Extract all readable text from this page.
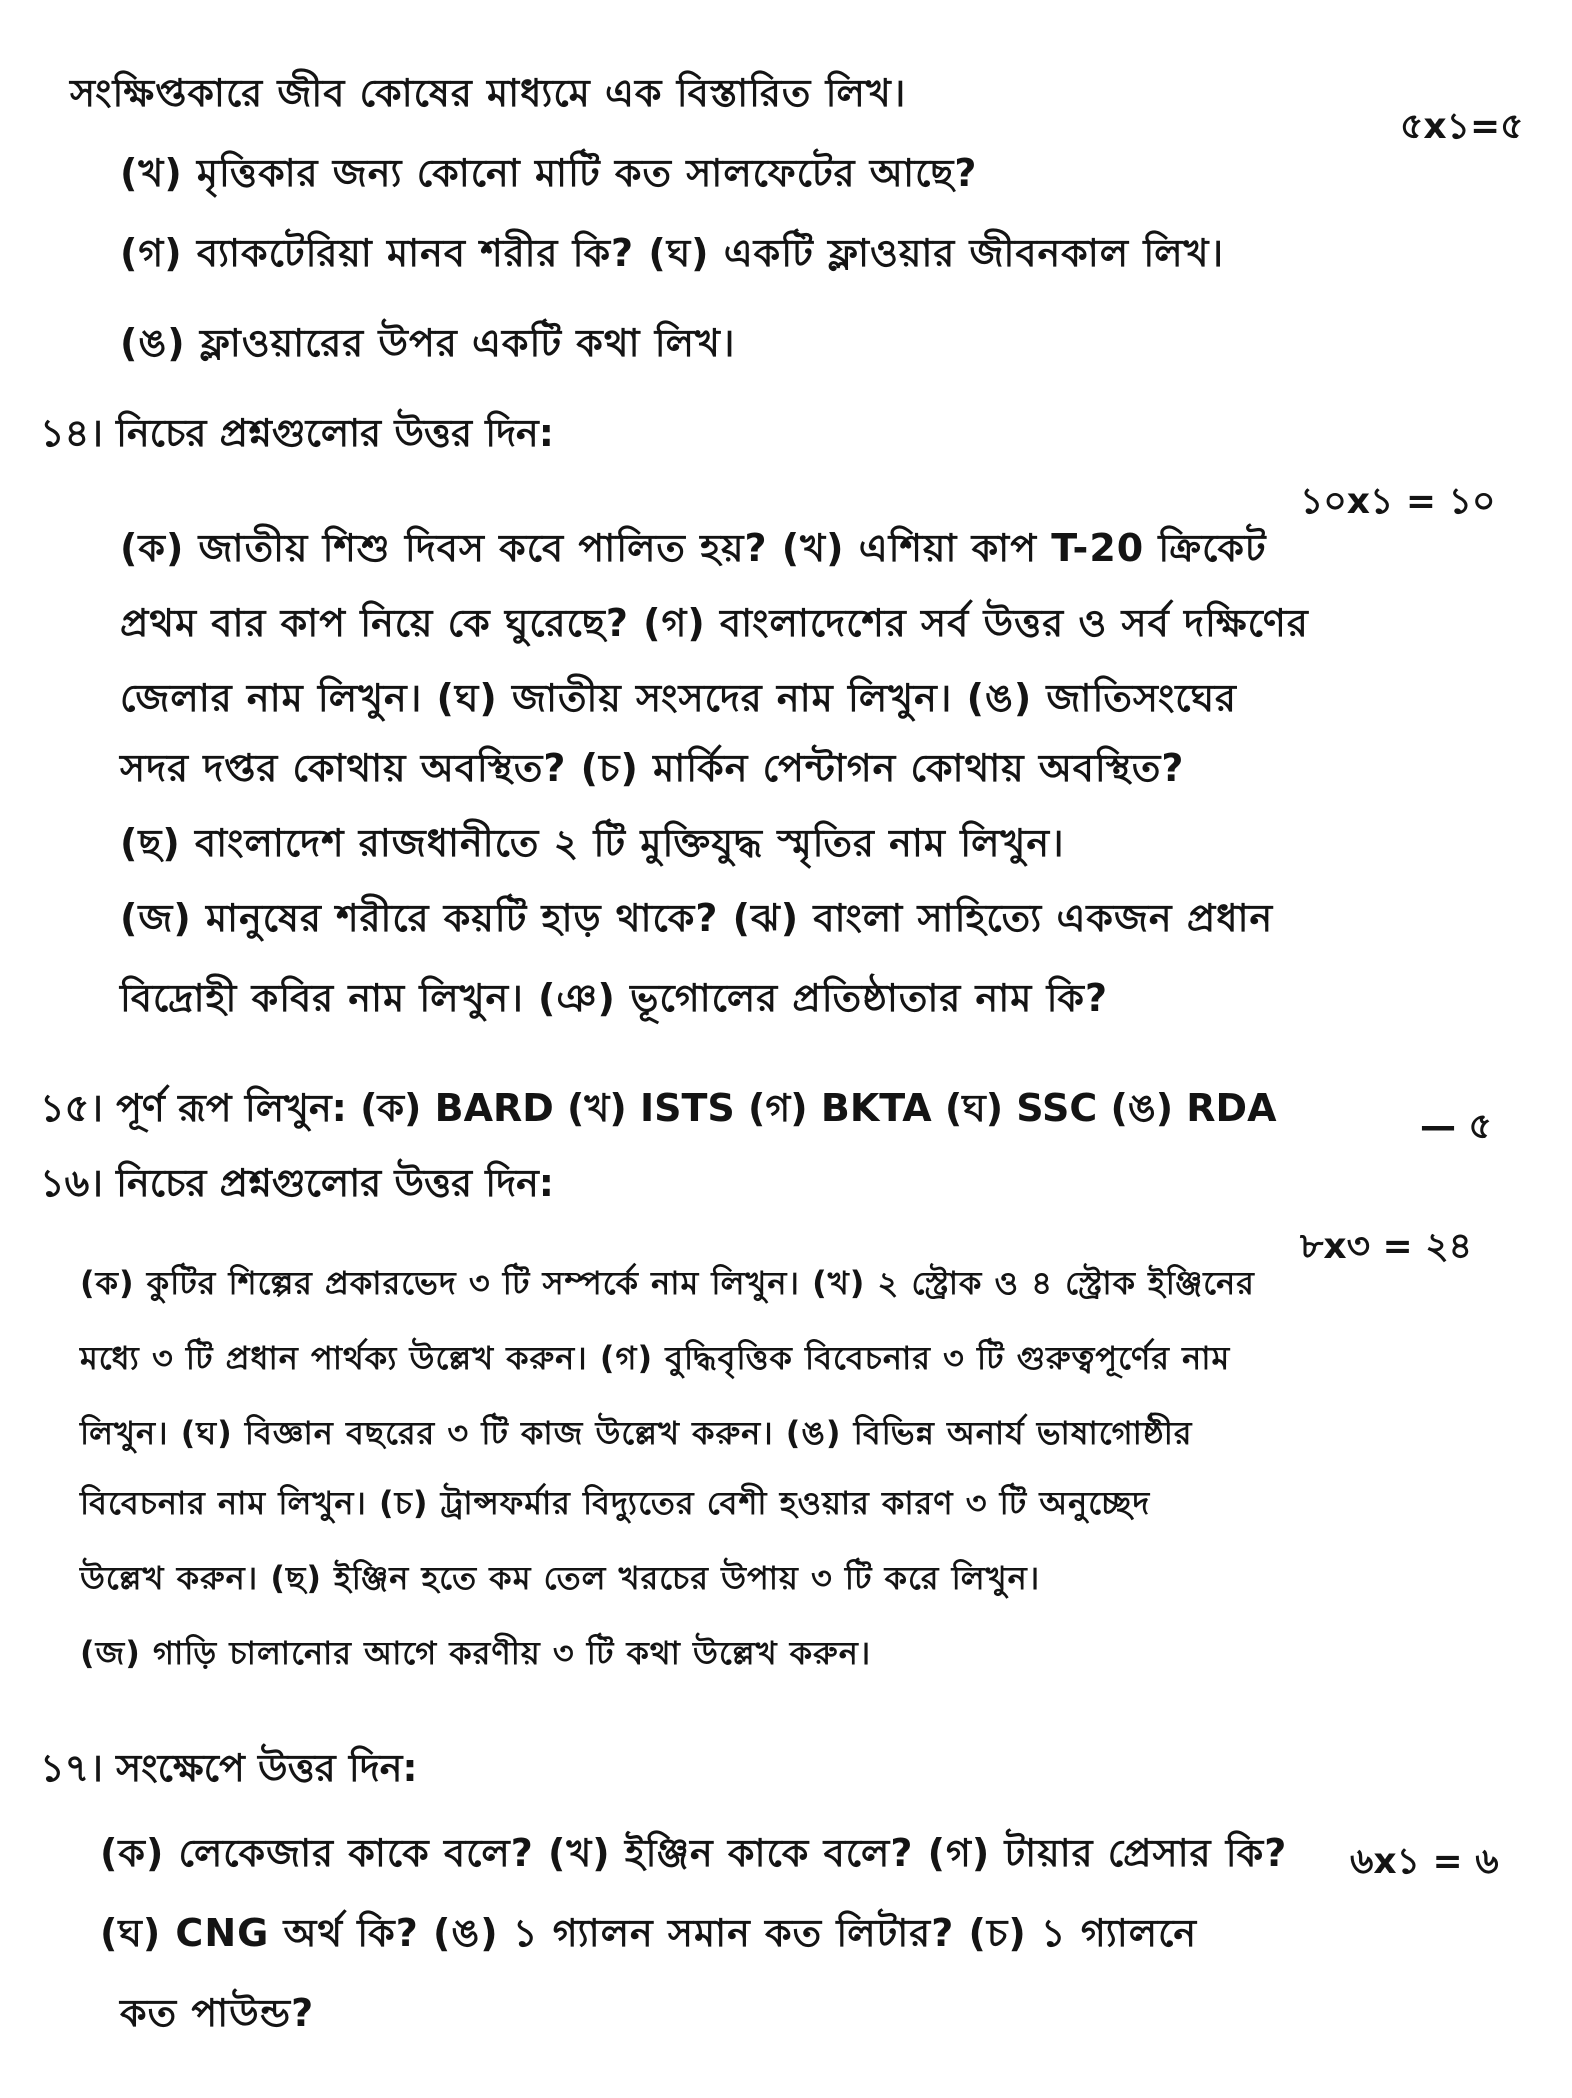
সংক্ষিপ্তকারে জীব কোষের মাধ্যমে এক বিস্তারিত লিখ।
৫x১=৫
(খ) মৃত্তিকার জন্য কোনো মাটি কত সালফেটের আছে?
(গ) ব্যাকটেরিয়া মানব শরীর কি? (ঘ) একটি ফ্লাওয়ার জীবনকাল লিখ।
(ঙ) ফ্লাওয়ারের উপর একটি কথা লিখ।
১৪। নিচের প্রশ্নগুলোর উত্তর দিন:
১০x১ = ১০
(ক) জাতীয় শিশু দিবস কবে পালিত হয়? (খ) এশিয়া কাপ T-20 ক্রিকেট
প্রথম বার কাপ নিয়ে কে ঘুরেছে? (গ) বাংলাদেশের সর্ব উত্তর ও সর্ব দক্ষিণের
জেলার নাম লিখুন। (ঘ) জাতীয় সংসদের নাম লিখুন। (ঙ) জাতিসংঘের
সদর দপ্তর কোথায় অবস্থিত? (চ) মার্কিন পেন্টাগন কোথায় অবস্থিত?
(ছ) বাংলাদেশ রাজধানীতে ২ টি মুক্তিযুদ্ধ স্মৃতির নাম লিখুন।
(জ) মানুষের শরীরে কয়টি হাড় থাকে? (ঝ) বাংলা সাহিত্যে একজন প্রধান
বিদ্রোহী কবির নাম লিখুন। (ঞ) ভূগোলের প্রতিষ্ঠাতার নাম কি?
১৫। পূর্ণ রূপ লিখুন: (ক) BARD (খ) ISTS (গ) BKTA (ঘ) SSC (ঙ) RDA	— ৫
১৬। নিচের প্রশ্নগুলোর উত্তর দিন:
৮x৩ = ২৪
(ক) কুটির শিল্পের প্রকারভেদ ৩ টি সম্পর্কে নাম লিখুন। (খ) ২ স্ট্রোক ও ৪ স্ট্রোক ইঞ্জিনের
মধ্যে ৩ টি প্রধান পার্থক্য উল্লেখ করুন। (গ) বুদ্ধিবৃত্তিক বিবেচনার ৩ টি গুরুত্বপূর্ণের নাম
লিখুন। (ঘ) বিজ্ঞান বছরের ৩ টি কাজ উল্লেখ করুন। (ঙ) বিভিন্ন অনার্য ভাষাগোষ্ঠীর
বিবেচনার নাম লিখুন। (চ) ট্রান্সফর্মার বিদ্যুতের বেশী হওয়ার কারণ ৩ টি অনুচ্ছেদ
উল্লেখ করুন। (ছ) ইঞ্জিন হতে কম তেল খরচের উপায় ৩ টি করে লিখুন।
(জ) গাড়ি চালানোর আগে করণীয় ৩ টি কথা উল্লেখ করুন।
১৭। সংক্ষেপে উত্তর দিন:
৬x১ = ৬
(ক) লেকেজার কাকে বলে? (খ) ইঞ্জিন কাকে বলে? (গ) টায়ার প্রেসার কি?
(ঘ) CNG অর্থ কি? (ঙ) ১ গ্যালন সমান কত লিটার? (চ) ১ গ্যালনে
কত পাউন্ড?
